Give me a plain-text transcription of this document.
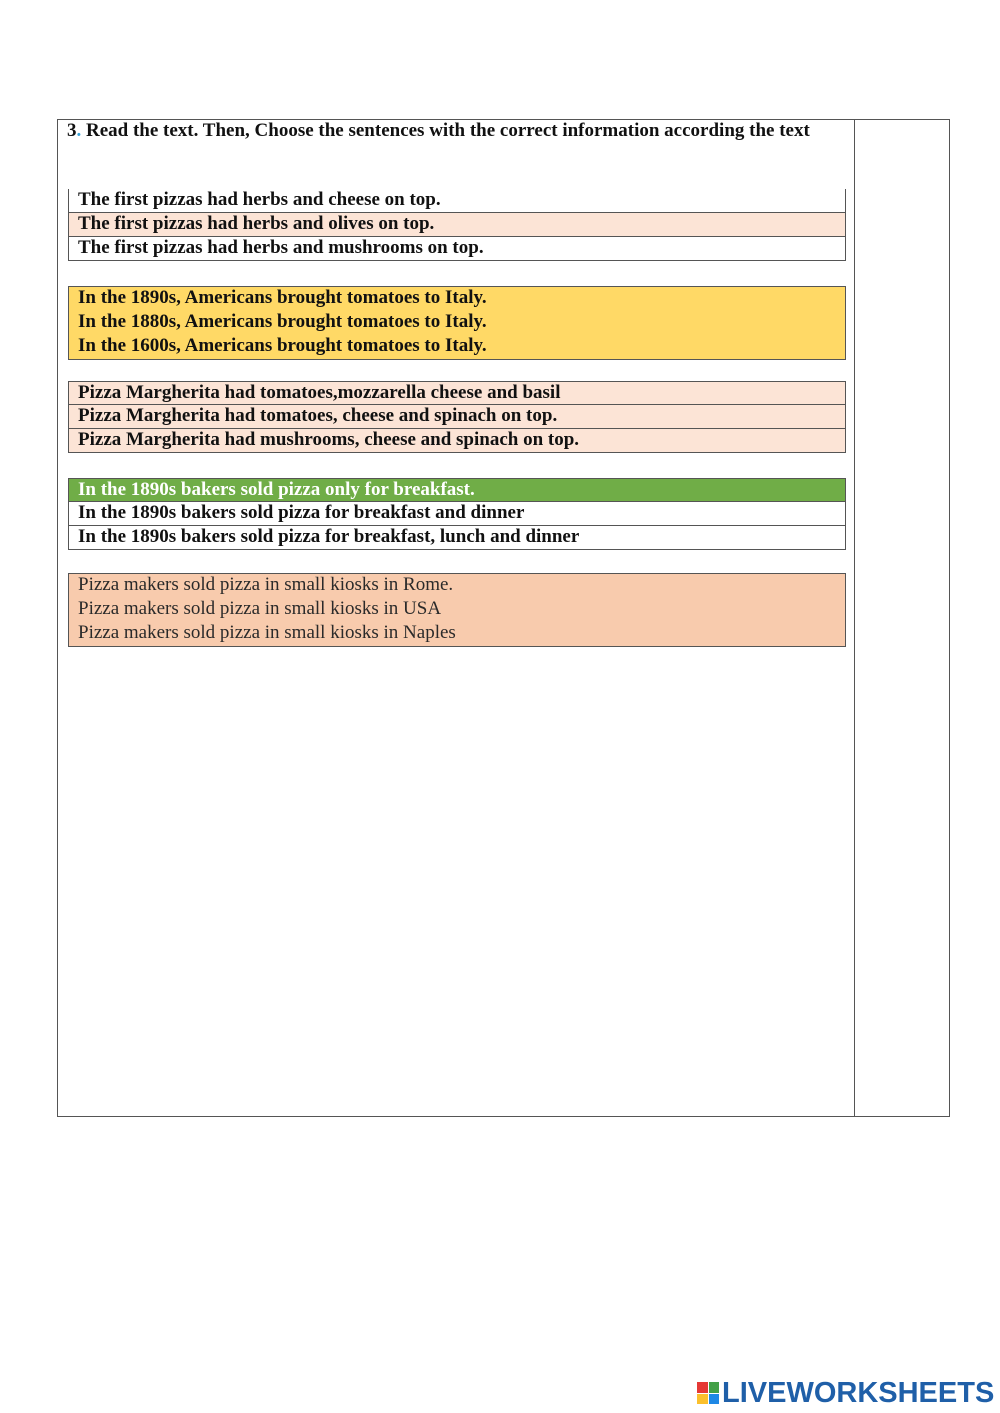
3. Read the text. Then, Choose the sentences with the correct information according the text
The first pizzas had herbs and cheese on top.
The first pizzas had herbs and olives on top.
The first pizzas had herbs and mushrooms on top.
In the 1890s, Americans brought tomatoes to Italy.
In the 1880s, Americans brought tomatoes to Italy.
In the 1600s, Americans brought tomatoes to Italy.
Pizza Margherita had tomatoes,mozzarella cheese and basil
Pizza Margherita had tomatoes, cheese and spinach on top.
Pizza Margherita had mushrooms, cheese and spinach on top.
In the 1890s bakers sold pizza only for breakfast.
In the 1890s bakers sold pizza for breakfast and dinner
In the 1890s bakers sold pizza for breakfast, lunch and dinner
Pizza makers sold pizza in small kiosks in Rome.
Pizza makers sold pizza in small kiosks in USA
Pizza makers sold pizza in small kiosks in Naples
LIVEWORKSHEETS
